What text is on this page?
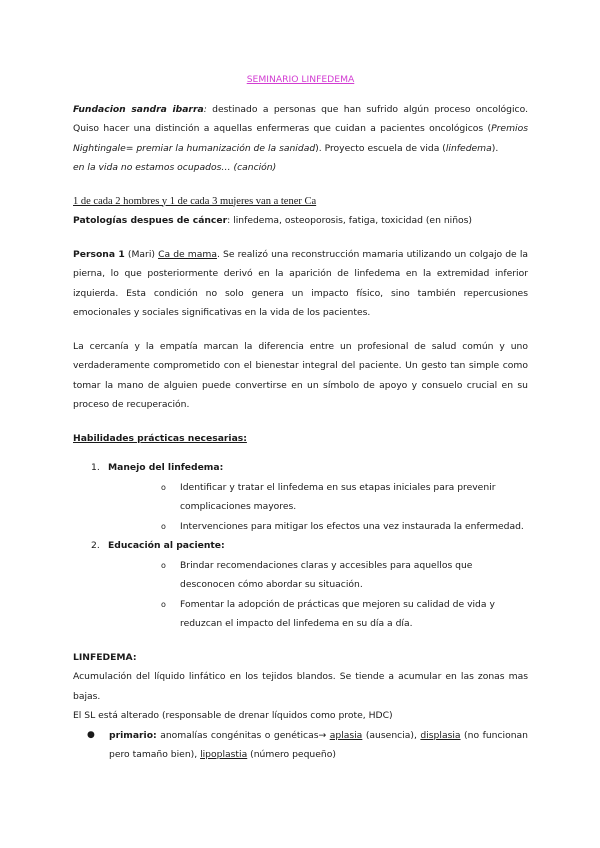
SEMINARIO LINFEDEMA

Fundacion sandra ibarra: destinado a personas que han sufrido algún proceso oncológico. Quiso hacer una distinción a aquellas enfermeras que cuidan a pacientes oncológicos (Premios Nightingale= premiar la humanización de la sanidad). Proyecto escuela de vida (linfedema).

en la vida no estamos ocupados… (canción)

1 de cada 2 hombres y 1 de cada 3 mujeres van a tener Ca

Patologías despues de cáncer: linfedema, osteoporosis, fatiga, toxicidad (en niños)

Persona 1 (Mari) Ca de mama. Se realizó una reconstrucción mamaria utilizando un colgajo de la pierna, lo que posteriormente derivó en la aparición de linfedema en la extremidad inferior izquierda. Esta condición no solo genera un impacto físico, sino también repercusiones emocionales y sociales significativas en la vida de los pacientes.

La cercanía y la empatía marcan la diferencia entre un profesional de salud común y uno verdaderamente comprometido con el bienestar integral del paciente. Un gesto tan simple como tomar la mano de alguien puede convertirse en un símbolo de apoyo y consuelo crucial en su proceso de recuperación.

Habilidades prácticas necesarias:

1. Manejo del linfedema:
o Identificar y tratar el linfedema en sus etapas iniciales para prevenir complicaciones mayores.
o Intervenciones para mitigar los efectos una vez instaurada la enfermedad.
2. Educación al paciente:
o Brindar recomendaciones claras y accesibles para aquellos que desconocen cómo abordar su situación.
o Fomentar la adopción de prácticas que mejoren su calidad de vida y reduzcan el impacto del linfedema en su día a día.

LINFEDEMA:

Acumulación del líquido linfático en los tejidos blandos. Se tiende a acumular en las zonas mas bajas.

El SL está alterado (responsable de drenar líquidos como prote, HDC)

● primario: anomalías congénitas o genéticas→ aplasia (ausencia), displasia (no funcionan pero tamaño bien), lipoplastia (número pequeño)
